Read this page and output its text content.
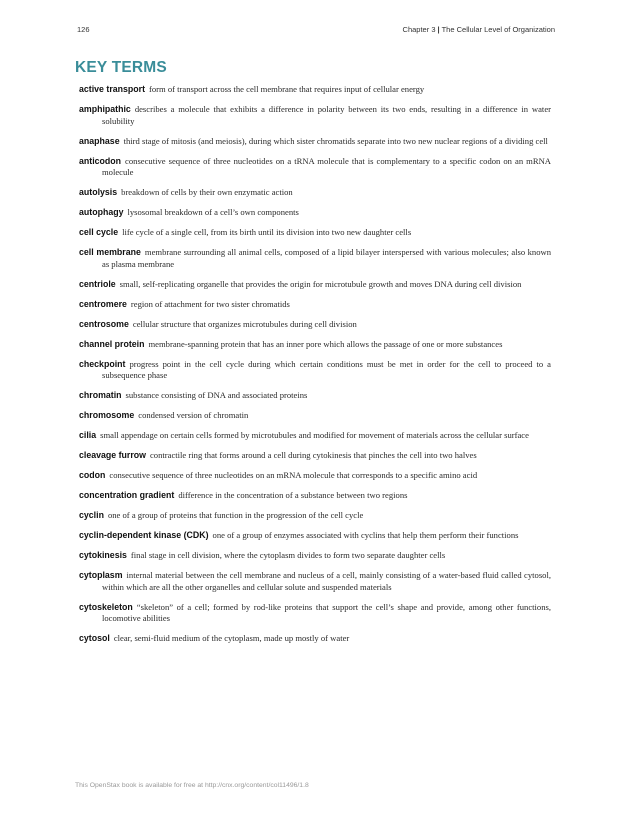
126	Chapter 3 | The Cellular Level of Organization
KEY TERMS
active transport form of transport across the cell membrane that requires input of cellular energy
amphipathic describes a molecule that exhibits a difference in polarity between its two ends, resulting in a difference in water solubility
anaphase third stage of mitosis (and meiosis), during which sister chromatids separate into two new nuclear regions of a dividing cell
anticodon consecutive sequence of three nucleotides on a tRNA molecule that is complementary to a specific codon on an mRNA molecule
autolysis breakdown of cells by their own enzymatic action
autophagy lysosomal breakdown of a cell’s own components
cell cycle life cycle of a single cell, from its birth until its division into two new daughter cells
cell membrane membrane surrounding all animal cells, composed of a lipid bilayer interspersed with various molecules; also known as plasma membrane
centriole small, self-replicating organelle that provides the origin for microtubule growth and moves DNA during cell division
centromere region of attachment for two sister chromatids
centrosome cellular structure that organizes microtubules during cell division
channel protein membrane-spanning protein that has an inner pore which allows the passage of one or more substances
checkpoint progress point in the cell cycle during which certain conditions must be met in order for the cell to proceed to a subsequence phase
chromatin substance consisting of DNA and associated proteins
chromosome condensed version of chromatin
cilia small appendage on certain cells formed by microtubules and modified for movement of materials across the cellular surface
cleavage furrow contractile ring that forms around a cell during cytokinesis that pinches the cell into two halves
codon consecutive sequence of three nucleotides on an mRNA molecule that corresponds to a specific amino acid
concentration gradient difference in the concentration of a substance between two regions
cyclin one of a group of proteins that function in the progression of the cell cycle
cyclin-dependent kinase (CDK) one of a group of enzymes associated with cyclins that help them perform their functions
cytokinesis final stage in cell division, where the cytoplasm divides to form two separate daughter cells
cytoplasm internal material between the cell membrane and nucleus of a cell, mainly consisting of a water-based fluid called cytosol, within which are all the other organelles and cellular solute and suspended materials
cytoskeleton “skeleton” of a cell; formed by rod-like proteins that support the cell’s shape and provide, among other functions, locomotive abilities
cytosol clear, semi-fluid medium of the cytoplasm, made up mostly of water
This OpenStax book is available for free at http://cnx.org/content/col11496/1.8
